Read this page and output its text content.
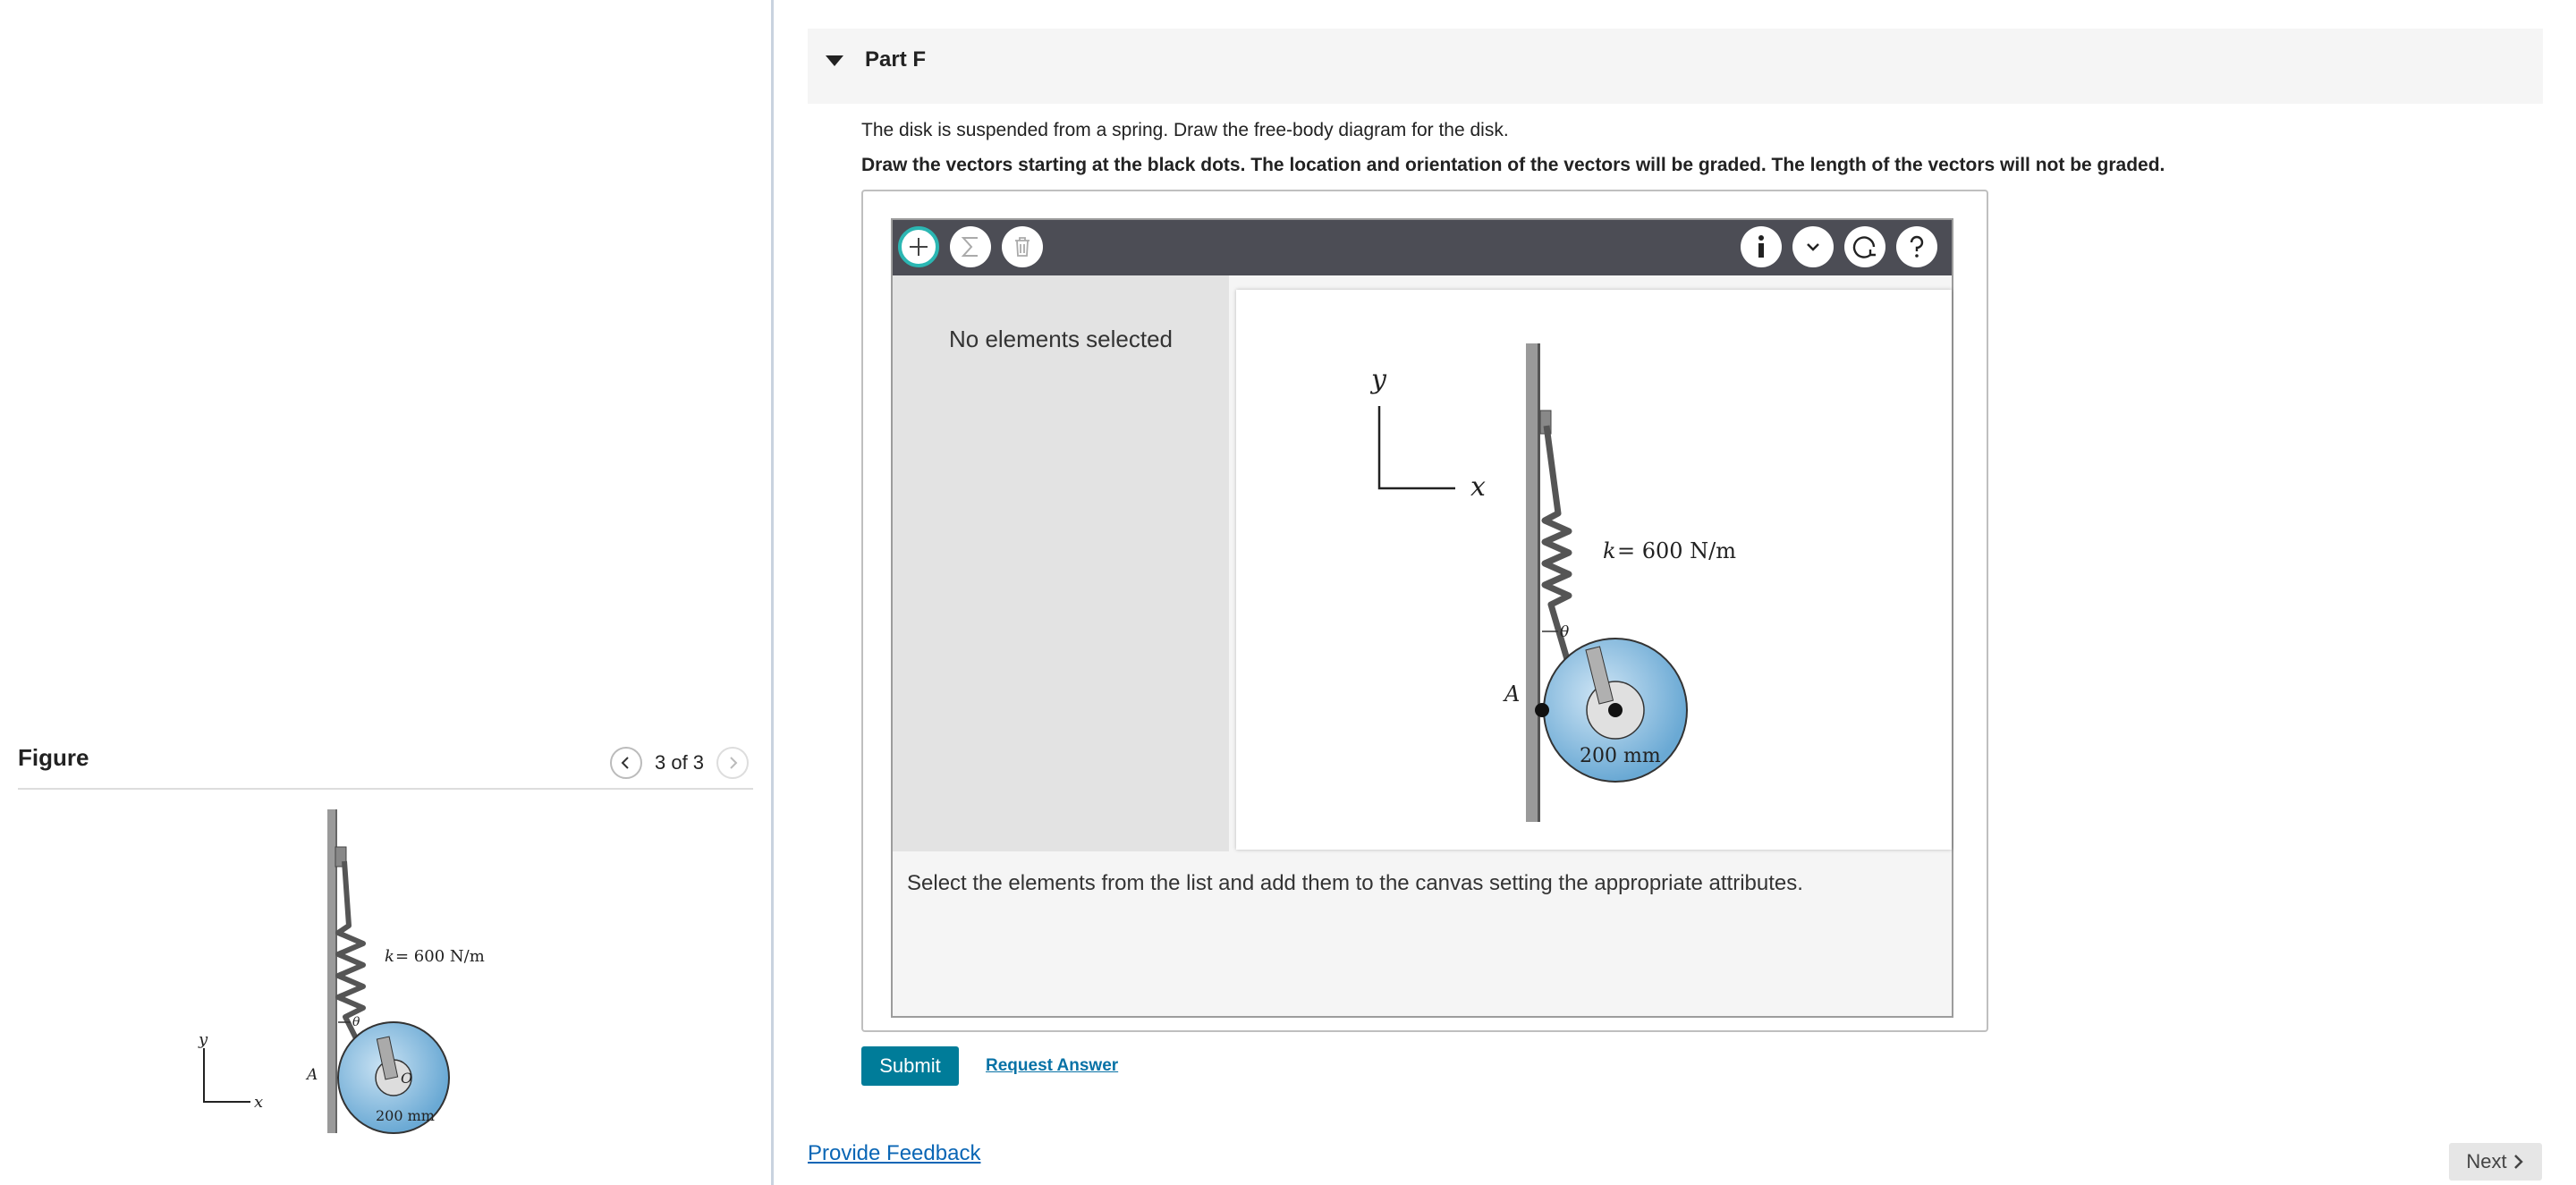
Figure	3 of 3
θ
O
200 mm
A
k = 600 N/m
y
x
Part F
The disk is suspended from a spring. Draw the free-body diagram for the disk.
Draw the vectors starting at the black dots. The location and orientation of the vectors will be graded. The length of the vectors will not be graded.
No elements selected
θ
A
200 mm
k = 600 N/m
y
x
Select the elements from the list and add them to the canvas setting the appropriate attributes.
Submit	Request Answer
Provide Feedback	Next
